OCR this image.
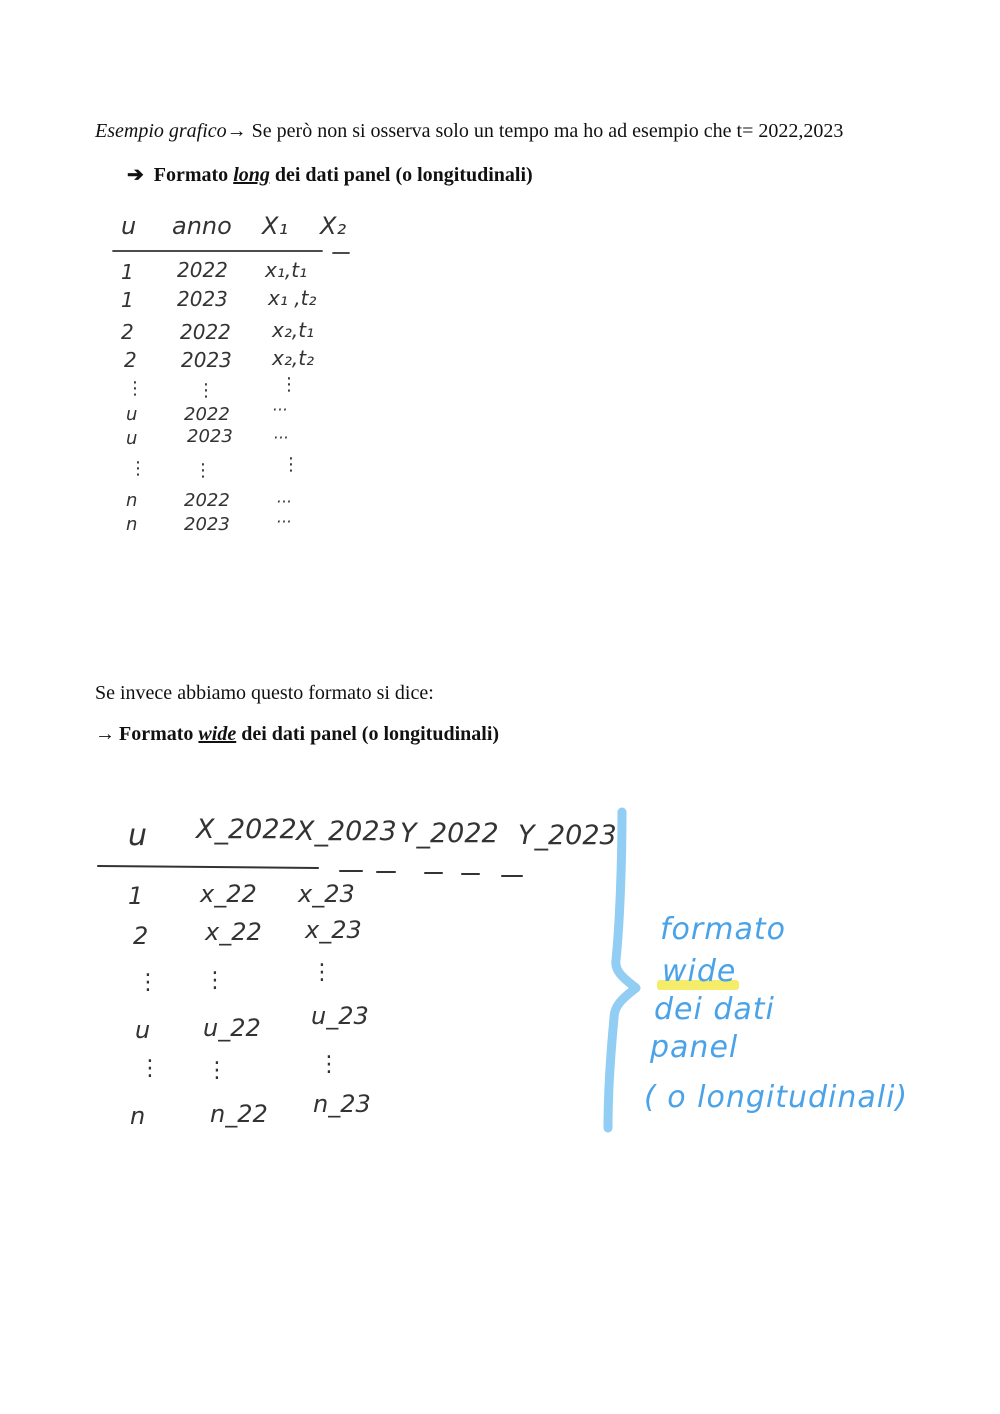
Esempio grafico→ Se però non si osserva solo un tempo ma ho ad esempio che t= 2022,2023
➔ Formato long dei dati panel (o longitudinali)
u anno X₁ X₂
1 2022 x₁,t₁
1 2023 x₁ ,t₂
2 2022 x₂,t₁
2 2023 x₂,t₂
⋮	⋮	⋮
u	2022	···
u	2023	···
⋮	⋮	⋮
n	2022	···
n	2023	···
Se invece abbiamo questo formato si dice:
→ Formato wide dei dati panel (o longitudinali)
u X_2022 X_2023 Y_2022 Y_2023
1 x_22 x_23
2 x_22 x_23
⋮ ⋮	⋮
u u_22 u_23
⋮ ⋮	⋮
n	n_22 n_23
formato
wide
dei dati
panel
( o longitudinali)
